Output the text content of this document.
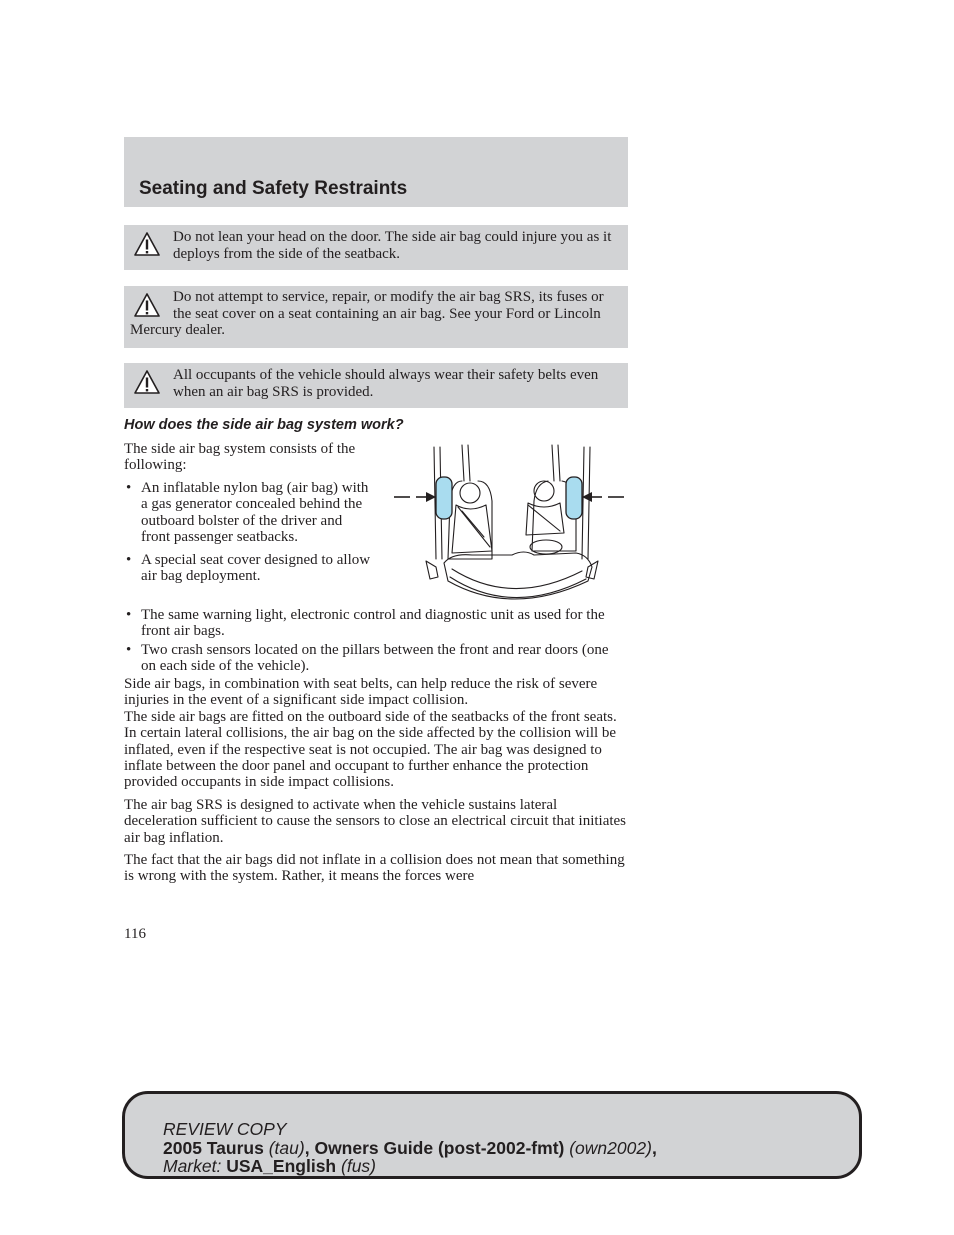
Seating and Safety Restraints
Do not lean your head on the door. The side air bag could injure you as it deploys from the side of the seatback.
Do not attempt to service, repair, or modify the air bag SRS, its fuses or the seat cover on a seat containing an air bag. See your Ford or Lincoln Mercury dealer.
All occupants of the vehicle should always wear their safety belts even when an air bag SRS is provided.
How does the side air bag system work?

The side air bag system consists of the following:

• An inflatable nylon bag (air bag) with a gas generator concealed behind the outboard bolster of the driver and front passenger seatbacks.
• A special seat cover designed to allow air bag deployment.
• The same warning light, electronic control and diagnostic unit as used for the front air bags.
• Two crash sensors located on the pillars between the front and rear doors (one on each side of the vehicle).

Side air bags, in combination with seat belts, can help reduce the risk of severe injuries in the event of a significant side impact collision.

The side air bags are fitted on the outboard side of the seatbacks of the front seats. In certain lateral collisions, the air bag on the side affected by the collision will be inflated, even if the respective seat is not occupied. The air bag was designed to inflate between the door panel and occupant to further enhance the protection provided occupants in side impact collisions.

The air bag SRS is designed to activate when the vehicle sustains lateral deceleration sufficient to cause the sensors to close an electrical circuit that initiates air bag inflation.

The fact that the air bags did not inflate in a collision does not mean that something is wrong with the system. Rather, it means the forces were

116

REVIEW COPY
2005 Taurus (tau), Owners Guide (post-2002-fmt) (own2002),
Market: USA_English (fus)
